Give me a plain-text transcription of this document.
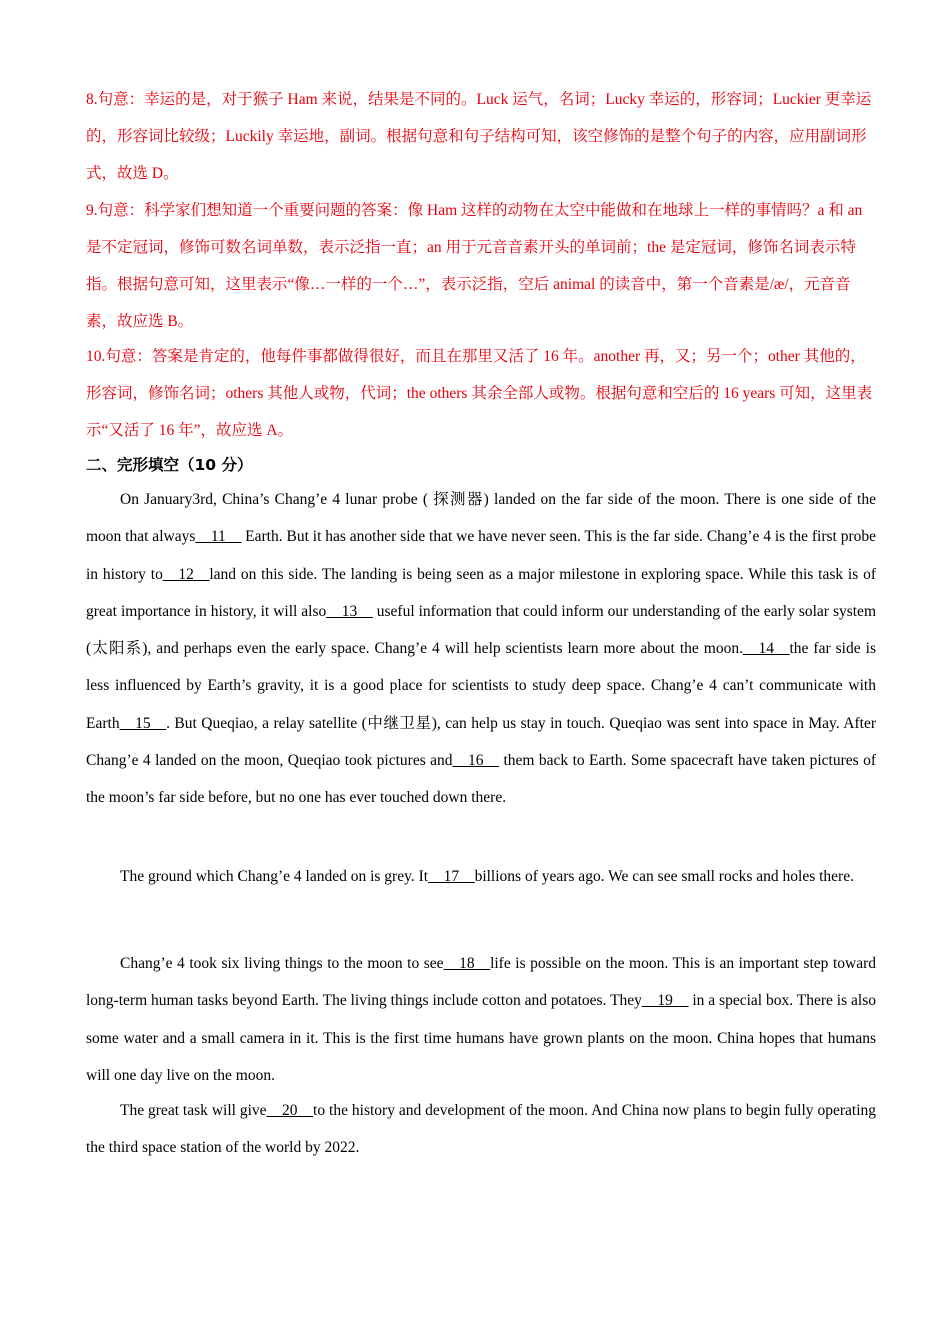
8.句意：幸运的是，对于猴子 Ham 来说，结果是不同的。Luck 运气，名词；Lucky 幸运的，形容词；Luckier 更幸运的，形容词比较级；Luckily 幸运地，副词。根据句意和句子结构可知，该空修饰的是整个句子的内容，应用副词形式，故选 D。
9.句意：科学家们想知道一个重要问题的答案：像 Ham 这样的动物在太空中能做和在地球上一样的事情吗？a 和 an　是不定冠词，修饰可数名词单数，表示泛指一直；an 用于元音音素开头的单词前；the 是定冠词，修饰名词表示特指。根据句意可知，这里表示“像…一样的一个…”，表示泛指，空后 animal 的读音中，第一个音素是/æ/，元音音素，故应选 B。
10.句意：答案是肯定的，他每件事都做得很好，而且在那里又活了 16 年。another 再，又；另一个；other 其他的，形容词，修饰名词；others 其他人或物，代词；the others 其余全部人或物。根据句意和空后的 16 years 可知，这里表示“又活了 16 年”，故应选 A。
二、完形填空（10 分）
On January3rd, China’s Chang’e 4 lunar probe ( 探测器) landed on the far side of the moon. There is one side of the moon that always__11__ Earth. But it has another side that we have never seen. This is the far side. Chang’e 4 is the first probe in history to__12__land on this side. The landing is being seen as a major milestone in exploring space. While this task is of great importance in history, it will also__13__ useful information that could inform our understanding of the early solar system (太阳系), and perhaps even the early space. Chang’e 4 will help scientists learn more about the moon.__14__the far side is less influenced by Earth’s gravity, it is a good place for scientists to study deep space. Chang’e 4 can’t communicate with Earth__15__. But Queqiao, a relay satellite (中继卫星), can help us stay in touch. Queqiao was sent into space in May. After Chang’e 4 landed on the moon, Queqiao took pictures and__16__ them back to Earth. Some spacecraft have taken pictures of the moon’s far side before, but no one has ever touched down there.
The ground which Chang’e 4 landed on is grey. It__17__billions of years ago. We can see small rocks and holes there.
Chang’e 4 took six living things to the moon to see__18__life is possible on the moon. This is an important step toward long-term human tasks beyond Earth. The living things include cotton and potatoes. They__19__ in a special box. There is also some water and a small camera in it. This is the first time humans have grown plants on the moon. China hopes that humans will one day live on the moon.
The great task will give__20__to the history and development of the moon. And China now plans to begin fully operating the third space station of the world by 2022.
